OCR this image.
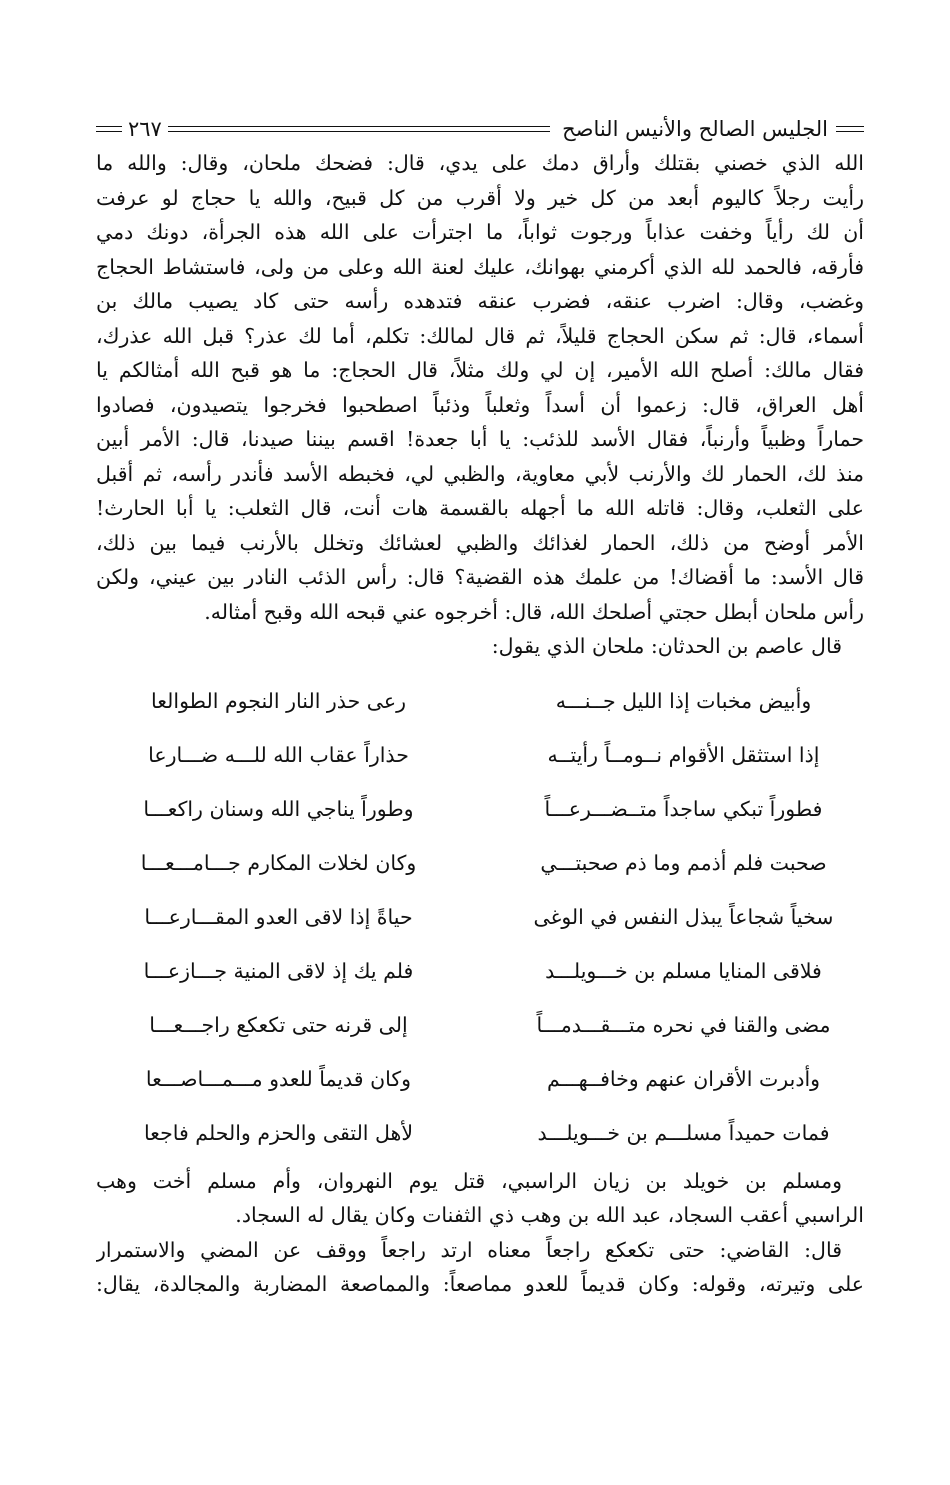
الجليس الصالح والأنيس الناصح
٢٦٧
الله الذي خصني بقتلك وأراق دمك على يدي، قال: فضحك ملحان، وقال: والله ما
رأيت رجلاً كاليوم أبعد من كل خير ولا أقرب من كل قبيح، والله يا حجاج لو عرفت
أن لك رأياً وخفت عذاباً ورجوت ثواباً، ما اجترأت على الله هذه الجرأة، دونك دمي
فأرقه، فالحمد لله الذي أكرمني بهوانك، عليك لعنة الله وعلى من ولى، فاستشاط الحجاج
وغضب، وقال: اضرب عنقه، فضرب عنقه فتدهده رأسه حتى كاد يصيب مالك بن
أسماء، قال: ثم سكن الحجاج قليلاً، ثم قال لمالك: تكلم، أما لك عذر؟ قبل الله عذرك،
فقال مالك: أصلح الله الأمير، إن لي ولك مثلاً، قال الحجاج: ما هو قبح الله أمثالكم يا
أهل العراق، قال: زعموا أن أسداً وثعلباً وذئباً اصطحبوا فخرجوا يتصيدون، فصادوا
حماراً وظبياً وأرنباً، فقال الأسد للذئب: يا أبا جعدة! اقسم بيننا صيدنا، قال: الأمر أبين
منذ لك، الحمار لك والأرنب لأبي معاوية، والظبي لي، فخبطه الأسد فأندر رأسه، ثم أقبل
على الثعلب، وقال: قاتله الله ما أجهله بالقسمة هات أنت، قال الثعلب: يا أبا الحارث!
الأمر أوضح من ذلك، الحمار لغذائك والظبي لعشائك وتخلل بالأرنب فيما بين ذلك،
قال الأسد: ما أقضاك! من علمك هذه القضية؟ قال: رأس الذئب النادر بين عيني، ولكن
رأس ملحان أبطل حجتي أصلحك الله، قال: أخرجوه عني قبحه الله وقبح أمثاله.
قال عاصم بن الحدثان: ملحان الذي يقول:
وأبيض مخبات إذا الليل جــنـــه
رعى حذر النار النجوم الطوالعا
إذا استثقل الأقوام نــومــاً رأيتــه
حذاراً عقاب الله للـــه ضـــارعا
فطوراً تبكي ساجداً متــضـــرعـــاً
وطوراً يناجي الله وسنان راكعـــا
صحبت فلم أذمم وما ذم صحبتـــي
وكان لخلات المكارم جـــامـــعـــا
سخياً شجاعاً يبذل النفس في الوغى
حياةً إذا لاقى العدو المقـــارعـــا
فلاقى المنايا مسلم بن خـــويلـــد
فلم يك إذ لاقى المنية جـــازعـــا
مضى والقنا في نحره متـــقـــدمـــاً
إلى قرنه حتى تكعكع راجـــعـــا
وأدبرت الأقران عنهم وخافــهـــم
وكان قديماً للعدو مـــمـــاصـــعا
فمات حميداً مسلـــم بن خـــويلـــد
لأهل التقى والحزم والحلم فاجعا
ومسلم بن خويلد بن زيان الراسبي، قتل يوم النهروان، وأم مسلم أخت وهب
الراسبي أعقب السجاد، عبد الله بن وهب ذي الثفنات وكان يقال له السجاد.
قال: القاضي: حتى تكعكع راجعاً معناه ارتد راجعاً ووقف عن المضي والاستمرار
على وتيرته، وقوله: وكان قديماً للعدو مماصعاً: والمماصعة المضاربة والمجالدة، يقال:
